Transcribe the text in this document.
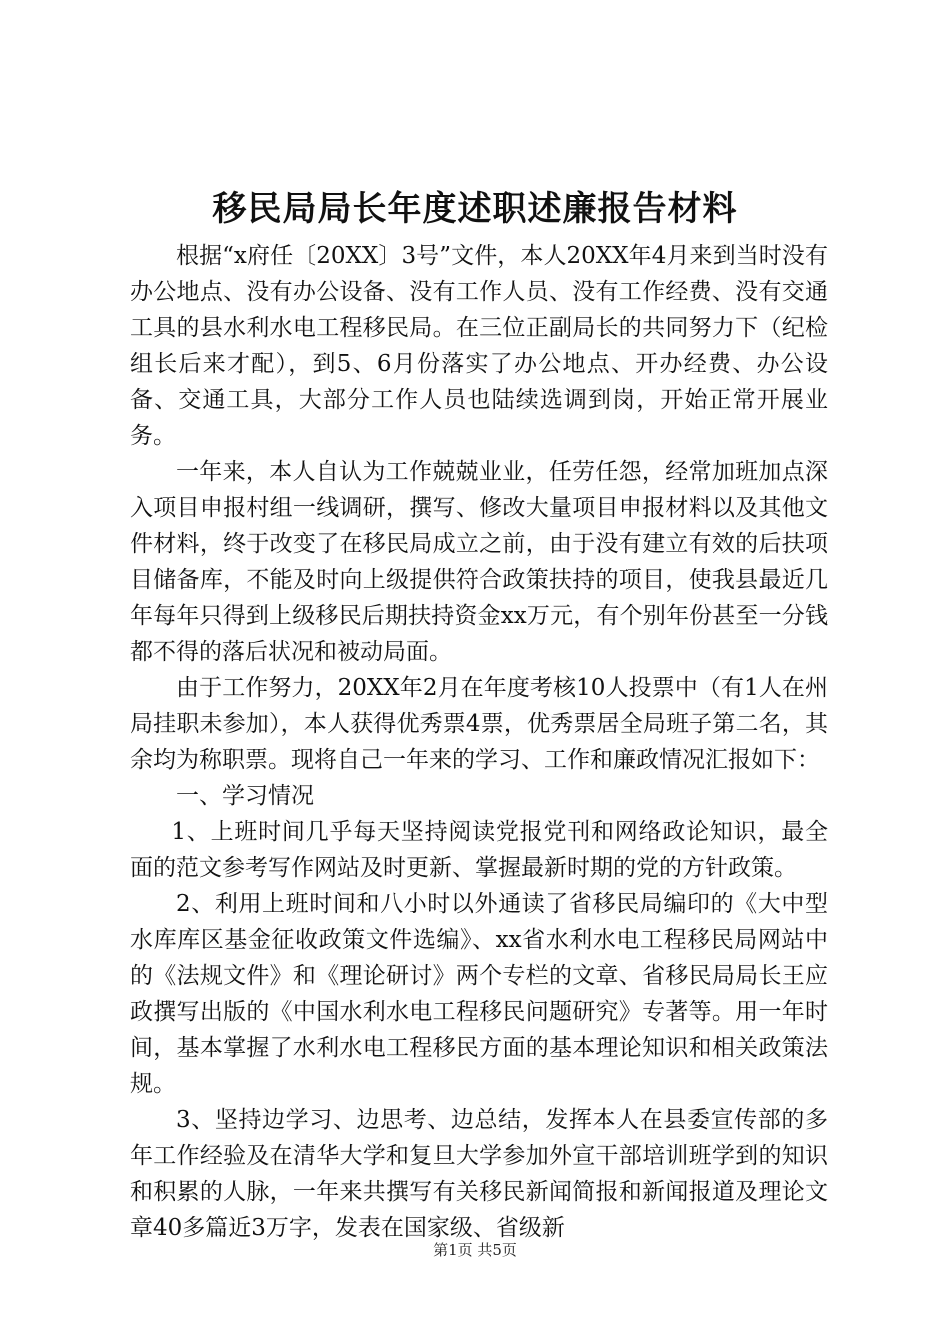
移民局局长年度述职述廉报告材料

根据“x府任〔20XX〕3号”文件，本人20XX年4月来到当时没有办公地点、没有办公设备、没有工作人员、没有工作经费、没有交通工具的县水利水电工程移民局。在三位正副局长的共同努力下（纪检组长后来才配），到5、6月份落实了办公地点、开办经费、办公设备、交通工具，大部分工作人员也陆续选调到岗，开始正常开展业务。

一年来，本人自认为工作兢兢业业，任劳任怨，经常加班加点深入项目申报村组一线调研，撰写、修改大量项目申报材料以及其他文件材料，终于改变了在移民局成立之前，由于没有建立有效的后扶项目储备库，不能及时向上级提供符合政策扶持的项目，使我县最近几年每年只得到上级移民后期扶持资金xx万元，有个别年份甚至一分钱都不得的落后状况和被动局面。

由于工作努力，20XX年2月在年度考核10人投票中（有1人在州局挂职未参加），本人获得优秀票4票，优秀票居全局班子第二名，其余均为称职票。现将自己一年来的学习、工作和廉政情况汇报如下：

一、学习情况

1、上班时间几乎每天坚持阅读党报党刊和网络政论知识，最全面的范文参考写作网站及时更新、掌握最新时期的党的方针政策。

2、利用上班时间和八小时以外通读了省移民局编印的《大中型水库库区基金征收政策文件选编》、xx省水利水电工程移民局网站中的《法规文件》和《理论研讨》两个专栏的文章、省移民局局长王应政撰写出版的《中国水利水电工程移民问题研究》专著等。用一年时间，基本掌握了水利水电工程移民方面的基本理论知识和相关政策法规。

3、坚持边学习、边思考、边总结，发挥本人在县委宣传部的多年工作经验及在清华大学和复旦大学参加外宣干部培训班学到的知识和积累的人脉，一年来共撰写有关移民新闻简报和新闻报道及理论文章40多篇近3万字，发表在国家级、省级新

第1页 共5页
